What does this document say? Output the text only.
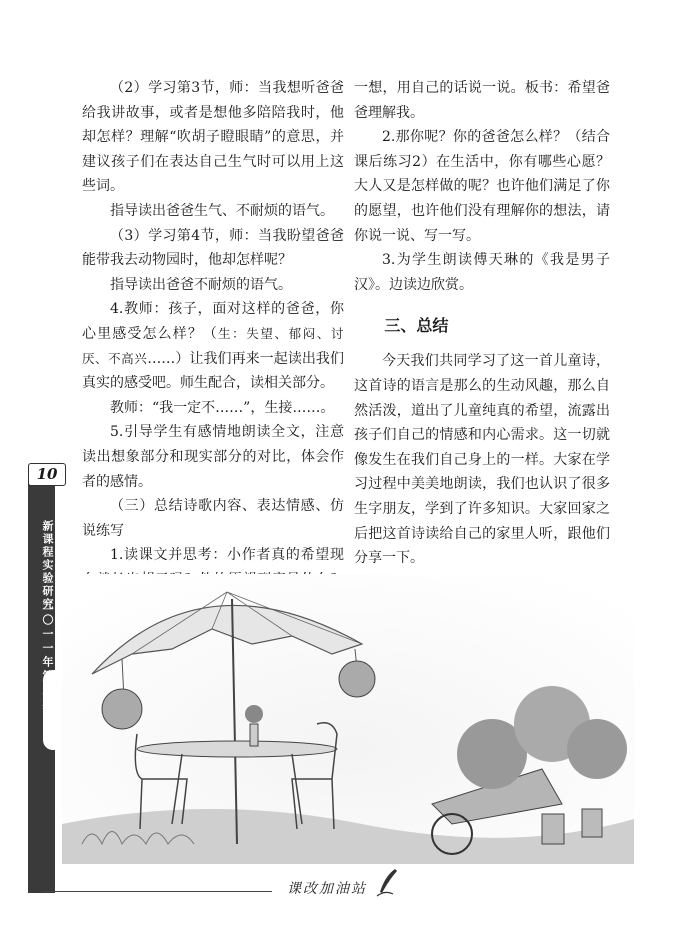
10
新课程实验研究
二〇一一年第五期

（2）学习第3节，师：当我想听爸爸给我讲故事，或者是想他多陪陪我时，他却怎样？理解“吹胡子瞪眼睛”的意思，并建议孩子们在表达自己生气时可以用上这些词。

指导读出爸爸生气、不耐烦的语气。

（3）学习第4节，师：当我盼望爸爸能带我去动物园时，他却怎样呢？

指导读出爸爸不耐烦的语气。

4.教师：孩子，面对这样的爸爸，你心里感受怎么样？（生：失望、郁闷、讨厌、不高兴……）让我们再来一起读出我们真实的感受吧。师生配合，读相关部分。

教师：“我一定不……”，生接……。

5.引导学生有感情地朗读全文，注意读出想象部分和现实部分的对比，体会作者的感情。

（三）总结诗歌内容、表达情感、仿说练写

1.读课文并思考：小作者真的希望现

一想，用自己的话说一说。板书：希望爸爸理解我。

2.那你呢？你的爸爸怎么样？（结合课后练习2）在生活中，你有哪些心愿？大人又是怎样做的呢？也许他们满足了你的愿望，也许他们没有理解你的想法，请你说一说、写一写。

3.为学生朗读傅天琳的《我是男子汉》。边读边欣赏。

三、总结

今天我们共同学习了这一首儿童诗，这首诗的语言是那么的生动风趣，那么自然活泼，道出了儿童纯真的希望，流露出孩子们自己的情感和内心需求。这一切就像发生在我们自己身上的一样。大家在学习过程中美美地朗读，我们也认识了很多生字朋友，学到了许多知识。大家回家之后把这首诗读给自己的家里人听，跟他们分享一下。

课改加油站
